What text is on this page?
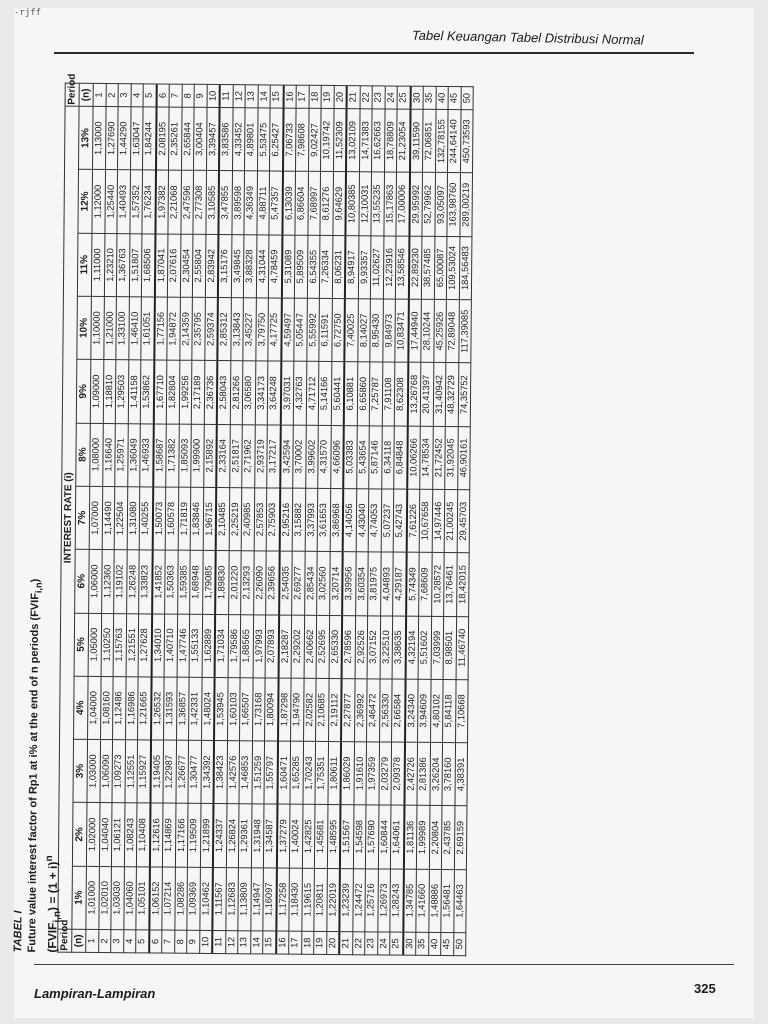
-rjff
Tabel Keuangan Tabel Distribusi Normal
TABEL I Future value interest factor of Rp1 at i% at the end of n periods $(FVIF_{i,n})$
$(FVIF_{i,n}) = (1 + i)^n$
Period	INTEREST RATE (i)													Period
(n)	1%	2%	3%	4%	5%	6%	7%	8%	9%	10%	11%	12%	13%	(n)
1	1,01000	1,02000	1,03000	1,04000	1,05000	1,06000	1,07000	1,08000	1,09000	1,10000	1,11000	1,12000	1,13000	1
2	1,02010	1,04040	1,06090	1,08160	1,10250	1,12360	1,14490	1,16640	1,18810	1,21000	1,23210	1,25440	1,27690	2
3	1,03030	1,06121	1,09273	1,12486	1,15763	1,19102	1,22504	1,25971	1,29503	1,33100	1,36763	1,40493	1,44290	3
4	1,04060	1,08243	1,12551	1,16986	1,21551	1,26248	1,31080	1,36049	1,41158	1,46410	1,51807	1,57352	1,63047	4
5	1,05101	1,10408	1,15927	1,21665	1,27628	1,33823	1,40255	1,46933	1,53862	1,61051	1,68506	1,76234	1,84244	5
6	1,06152	1,12616	1,19405	1,26532	1,34010	1,41852	1,50073	1,58687	1,67710	1,77156	1,87041	1,97382	2,08195	6
7	1,07214	1,14869	1,22987	1,31593	1,40710	1,50363	1,60578	1,71382	1,82804	1,94872	2,07616	2,21068	2,35261	7
8	1,08286	1,17166	1,26677	1,36857	1,47746	1,59385	1,71819	1,85093	1,99256	2,14359	2,30454	2,47596	2,65844	8
9	1,09369	1,19509	1,30477	1,42331	1,55133	1,68948	1,83846	1,99900	2,17189	2,35795	2,55804	2,77308	3,00404	9
10	1,10462	1,21899	1,34392	1,48024	1,62889	1,79085	1,96715	2,15892	2,36736	2,59374	2,83942	3,10585	3,39457	10
11	1,11567	1,24337	1,38423	1,53945	1,71034	1,89830	2,10485	2,33164	2,58043	2,85312	3,15176	3,47855	3,83586	11
12	1,12683	1,26824	1,42576	1,60103	1,79586	2,01220	2,25219	2,51817	2,81266	3,13843	3,49845	3,89598	4,33452	12
13	1,13809	1,29361	1,46853	1,66507	1,88565	2,13293	2,40985	2,71962	3,06580	3,45227	3,88328	4,36349	4,89801	13
14	1,14947	1,31948	1,51259	1,73168	1,97993	2,26090	2,57853	2,93719	3,34173	3,79750	4,31044	4,88711	5,53475	14
15	1,16097	1,34587	1,55797	1,80094	2,07893	2,39656	2,75903	3,17217	3,64248	4,17725	4,78459	5,47357	6,25427	15
16	1,17258	1,37279	1,60471	1,87298	2,18287	2,54035	2,95216	3,42594	3,97031	4,59497	5,31089	6,13039	7,06733	16
17	1,18430	1,40024	1,65285	1,94790	2,29202	2,69277	3,15882	3,70002	4,32763	5,05447	5,89509	6,86604	7,98608	17
18	1,19615	1,42825	1,70243	2,02582	2,40662	2,85434	3,37993	3,99602	4,71712	5,55992	6,54355	7,68997	9,02427	18
19	1,20811	1,45681	1,75351	2,10685	2,52695	3,02560	3,61653	4,31570	5,14166	6,11591	7,26334	8,61276	10,19742	19
20	1,22019	1,48595	1,80611	2,19112	2,65330	3,20714	3,86968	4,66096	5,60441	6,72750	8,06231	9,64629	11,52309	20
21	1,23239	1,51567	1,86029	2,27877	2,78596	3,39956	4,14056	5,03383	6,10881	7,40025	8,94917	10,80385	13,02109	21
22	1,24472	1,54598	1,91610	2,36992	2,92526	3,60354	4,43040	5,43654	6,65860	8,14027	9,93357	12,10031	14,71383	22
23	1,25716	1,57690	1,97359	2,46472	3,07152	3,81975	4,74053	5,87146	7,25787	8,95430	11,02627	13,55235	16,62663	23
24	1,26973	1,60844	2,03279	2,56330	3,22510	4,04893	5,07237	6,34118	7,91108	9,84973	12,23916	15,17863	18,78809	24
25	1,28243	1,64061	2,09378	2,66584	3,38635	4,29187	5,42743	6,84848	8,62308	10,83471	13,58546	17,00006	21,23054	25
30	1,34785	1,81136	2,42726	3,24340	4,32194	5,74349	7,61226	10,06266	13,26768	17,44940	22,89230	29,95992	39,11590	30
35	1,41660	1,99989	2,81386	3,94609	5,51602	7,68609	10,67658	14,78534	20,41397	28,10244	38,57485	52,79962	72,06851	35
40	1,48886	2,20804	3,26204	4,80102	7,03999	10,28572	14,97446	21,72452	31,40942	45,25926	65,00087	93,05097	132,78155	40
45	1,56481	2,43785	3,78160	5,84118	8,98501	13,76461	21,00245	31,92045	48,32729	72,89048	109,53024	163,98760	244,64140	45
50	1,64463	2,69159	4,38391	7,10668	11,46740	18,42015	29,45703	46,90161	74,35752	117,39085	184,56483	289,00219	450,73593	50
Lampiran-Lampiran	325
